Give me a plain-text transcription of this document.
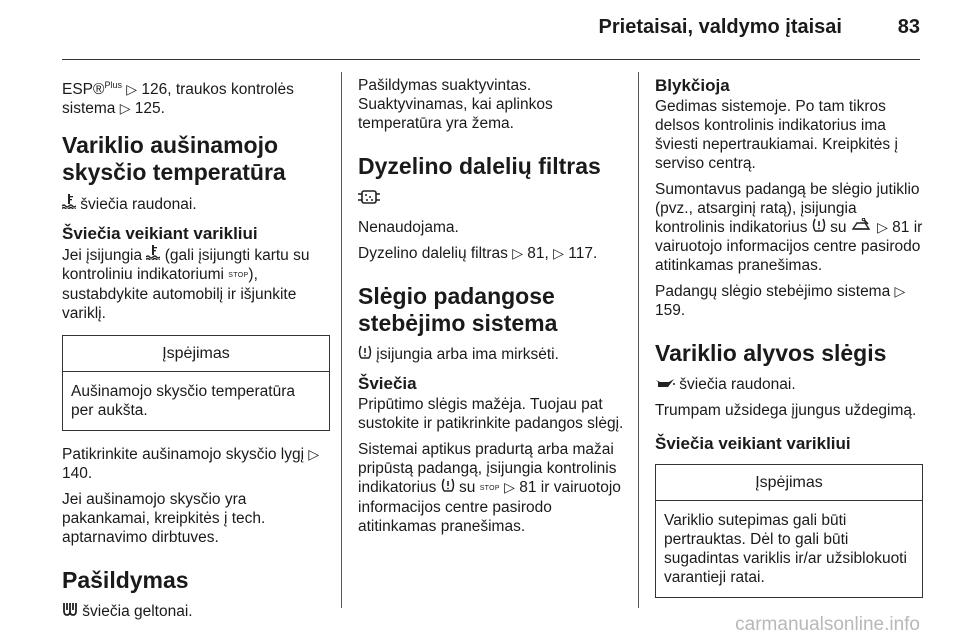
Prietaisai, valdymo įtaisai	83

ESP®$^{Plus}$ ▷ 126, traukos kontrolės sistema ▷ 125.

Variklio aušinamojo skysčio temperatūra

šviečia raudonai.

Šviečia veikiant varikliui

Jei įsijungia  (gali įsijungti kartu su kontroliniu indikatoriumi STOP), sustabdykite automobilį ir išjunkite variklį.

Įspėjimas
Aušinamojo skysčio temperatūra per aukšta.

Patikrinkite aušinamojo skysčio lygį ▷ 140.

Jei aušinamojo skysčio yra pakankamai, kreipkitės į tech. aptarnavimo dirbtuves.

Pašildymas

šviečia geltonai.

Pašildymas suaktyvintas.

Suaktyvinamas, kai aplinkos temperatūra yra žema.

Dyzelino dalelių filtras

Nenaudojama.

Dyzelino dalelių filtras ▷ 81, ▷ 117.

Slėgio padangose stebėjimo sistema

įsijungia arba ima mirksėti.

Šviečia

Pripūtimo slėgis mažėja. Tuojau pat sustokite ir patikrinkite padangos slėgį.

Sistemai aptikus pradurtą arba mažai pripūstą padangą, įsijungia kontrolinis indikatorius  su STOP ▷ 81 ir vairuotojo informacijos centre pasirodo atitinkamas pranešimas.

Blykčioja

Gedimas sistemoje. Po tam tikros delsos kontrolinis indikatorius ima šviesti nepertraukiamai. Kreipkitės į serviso centrą.

Sumontavus padangą be slėgio jutiklio (pvz., atsarginį ratą), įsijungia kontrolinis indikatorius  su  ▷ 81 ir vairuotojo informacijos centre pasirodo atitinkamas pranešimas.

Padangų slėgio stebėjimo sistema ▷ 159.

Variklio alyvos slėgis

šviečia raudonai.

Trumpam užsidega įjungus uždegimą.

Šviečia veikiant varikliui
Įspėjimas
Variklio sutepimas gali būti pertrauktas. Dėl to gali būti sugadintas variklis ir/ar užsiblokuoti varantieji ratai.
carmanualsonline.info
